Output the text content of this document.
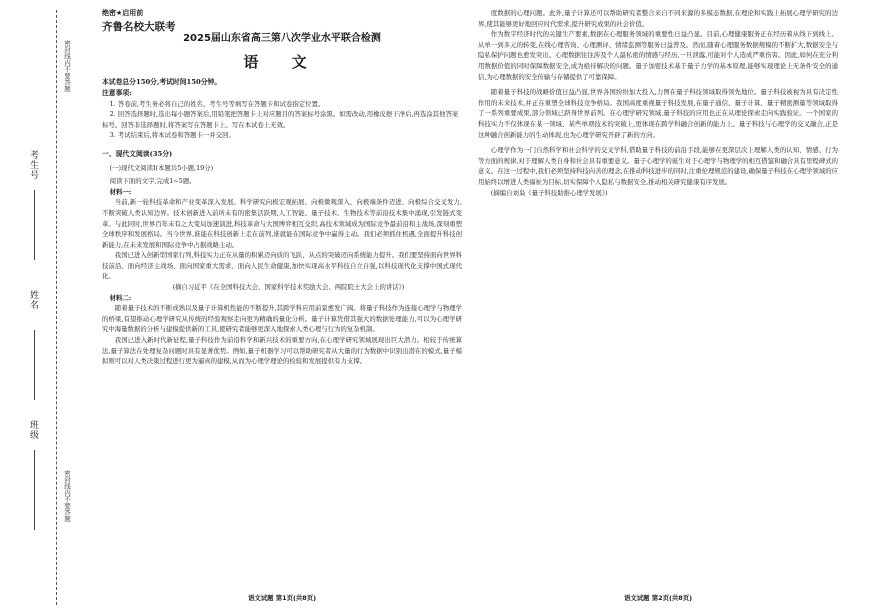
密封线内不要答题
密封线内不要答题
考生号
姓名
班级
绝密★启用前
齐鲁名校大联考
2025届山东省高三第八次学业水平联合检测
语 文
本试卷总分150分,考试时间150分钟。
注意事项:

1. 答卷前,考生务必将自己的姓名、考生号等填写在答题卡和试卷指定位置。

2. 回答选择题时,选出每小题答案后,用铅笔把答题卡上对应题目的答案标号涂黑。如需改动,用橡皮擦干净后,再选涂其他答案标号。回答非选择题时,将答案写在答题卡上。写在本试卷上无效。

3. 考试结束后,将本试卷和答题卡一并交回。

一、现代文阅读(35分)
(一)现代文阅读Ⅰ(本题共5小题,19分)
阅读下面的文字,完成1~5题。

材料一:

当前,新一轮科技革命和产业变革深入发展。科学研究向极宏观拓展、向极微观深入、向极端条件迈进、向极综合交叉发力,不断突破人类认知边界。技术创新进入前所未有的密集活跃期,人工智能、量子技术、生物技术等前沿技术集中涌现,引发链式变革。与此同时,世界百年未有之大变局加速演进,科技革命与大国博弈相互交织,高技术领域成为国际竞争最前沿和主战场,深刻重塑全球秩序和发展格局。当今世界,谁能在科技创新上走在前列,谁就能在国际竞争中赢得主动。我们必须抓住机遇,全面提升科技创新能力,在未来发展和国际竞争中占据战略主动。

我国已进入创新型国家行列,科技实力正在从量的积累迈向质的飞跃、从点的突破迈向系统能力提升。我们要坚持面向世界科技前沿、面向经济主战场、面向国家重大需求、面向人民生命健康,加快实现高水平科技自立自强,以科技现代化支撑中国式现代化。

(摘自习近平《在全国科技大会、国家科学技术奖励大会、两院院士大会上的讲话》)

材料二:

随着量子技术的不断成熟以及量子计算机性能的不断提升,其跨学科应用前景愈发广阔。将量子科技作为连接心理学与物理学的桥梁,有望推动心理学研究从传统的经验观察走向更为精确的量化分析。量子计算凭借其强大的数据处理能力,可以为心理学研究中海量数据的分析与建模提供新的工具,使研究者能够更深入地探索人类心理与行为的复杂机制。

我国已进入新时代新征程,量子科技作为前沿科学和新兴技术的重要方向,在心理学研究领域展现出巨大潜力。相较于传统算法,量子算法在处理复杂问题时具有显著优势。例如,量子机器学习可以帮助研究者从大量的行为数据中识别出潜在的模式,量子模拟则可以对人类决策过程进行更为逼真的建模,从而为心理学理论的检验和发展提供有力支撑。

语文试题 第1页(共8页)

度数据的心理问题。此外,量子计算还可以帮助研究者整合来自不同来源的多模态数据,在理论和实践上拓展心理学研究的边界,使其能够更好地回应时代需求,提升研究成果的社会价值。

作为数字经济时代的关键生产要素,数据在心理服务领域的重要性日益凸显。目前,心理健康服务正在经历着从线下到线上、从单一到多元的转变,在线心理咨询、心理测评、情绪监测等服务日益普及。然而,随着心理服务数据规模的不断扩大,数据安全与隐私保护问题也愈发突出。心理数据往往涉及个人最私密的情感与经历,一旦泄露,可能对个人造成严重伤害。因此,如何在充分利用数据价值的同时保障数据安全,成为亟待解决的问题。量子加密技术基于量子力学的基本原理,能够实现理论上无条件安全的通信,为心理数据的安全传输与存储提供了可靠保障。

随着量子科技的战略价值日益凸显,世界各国纷纷加大投入,力图在量子科技领域取得领先地位。量子科技被视为具有决定性作用的未来技术,并正在重塑全球科技竞争格局。我国高度重视量子科技发展,在量子通信、量子计算、量子精密测量等领域取得了一系列重要成果,部分领域已跻身世界前列。在心理学研究领域,量子科技的应用也正在从理论探索走向实践验证。一个国家的科技实力不仅体现在某一领域、某些单项技术的突破上,更体现在跨学科融合创新的能力上。量子科技与心理学的交叉融合,正是这种融合创新能力的生动体现,也为心理学研究开辟了新的方向。

心理学作为一门自然科学和社会科学的交叉学科,借助量子科技的前沿手段,能够在更深层次上理解人类的认知、情感、行为等方面的规律,对于理解人类自身和社会具有重要意义。量子心理学的诞生对于心理学与物理学的相互借鉴和融合具有里程碑式的意义。在这一过程中,我们必须坚持科技向善的理念,在推动科技进步的同时,注重伦理规范的建设,确保量子科技在心理学领域的应用始终以增进人类福祉为目标,切实保障个人隐私与数据安全,推动相关研究健康有序发展。

(摘编自刘枭《量子科技助推心理学发展》)

语文试题 第2页(共8页)
